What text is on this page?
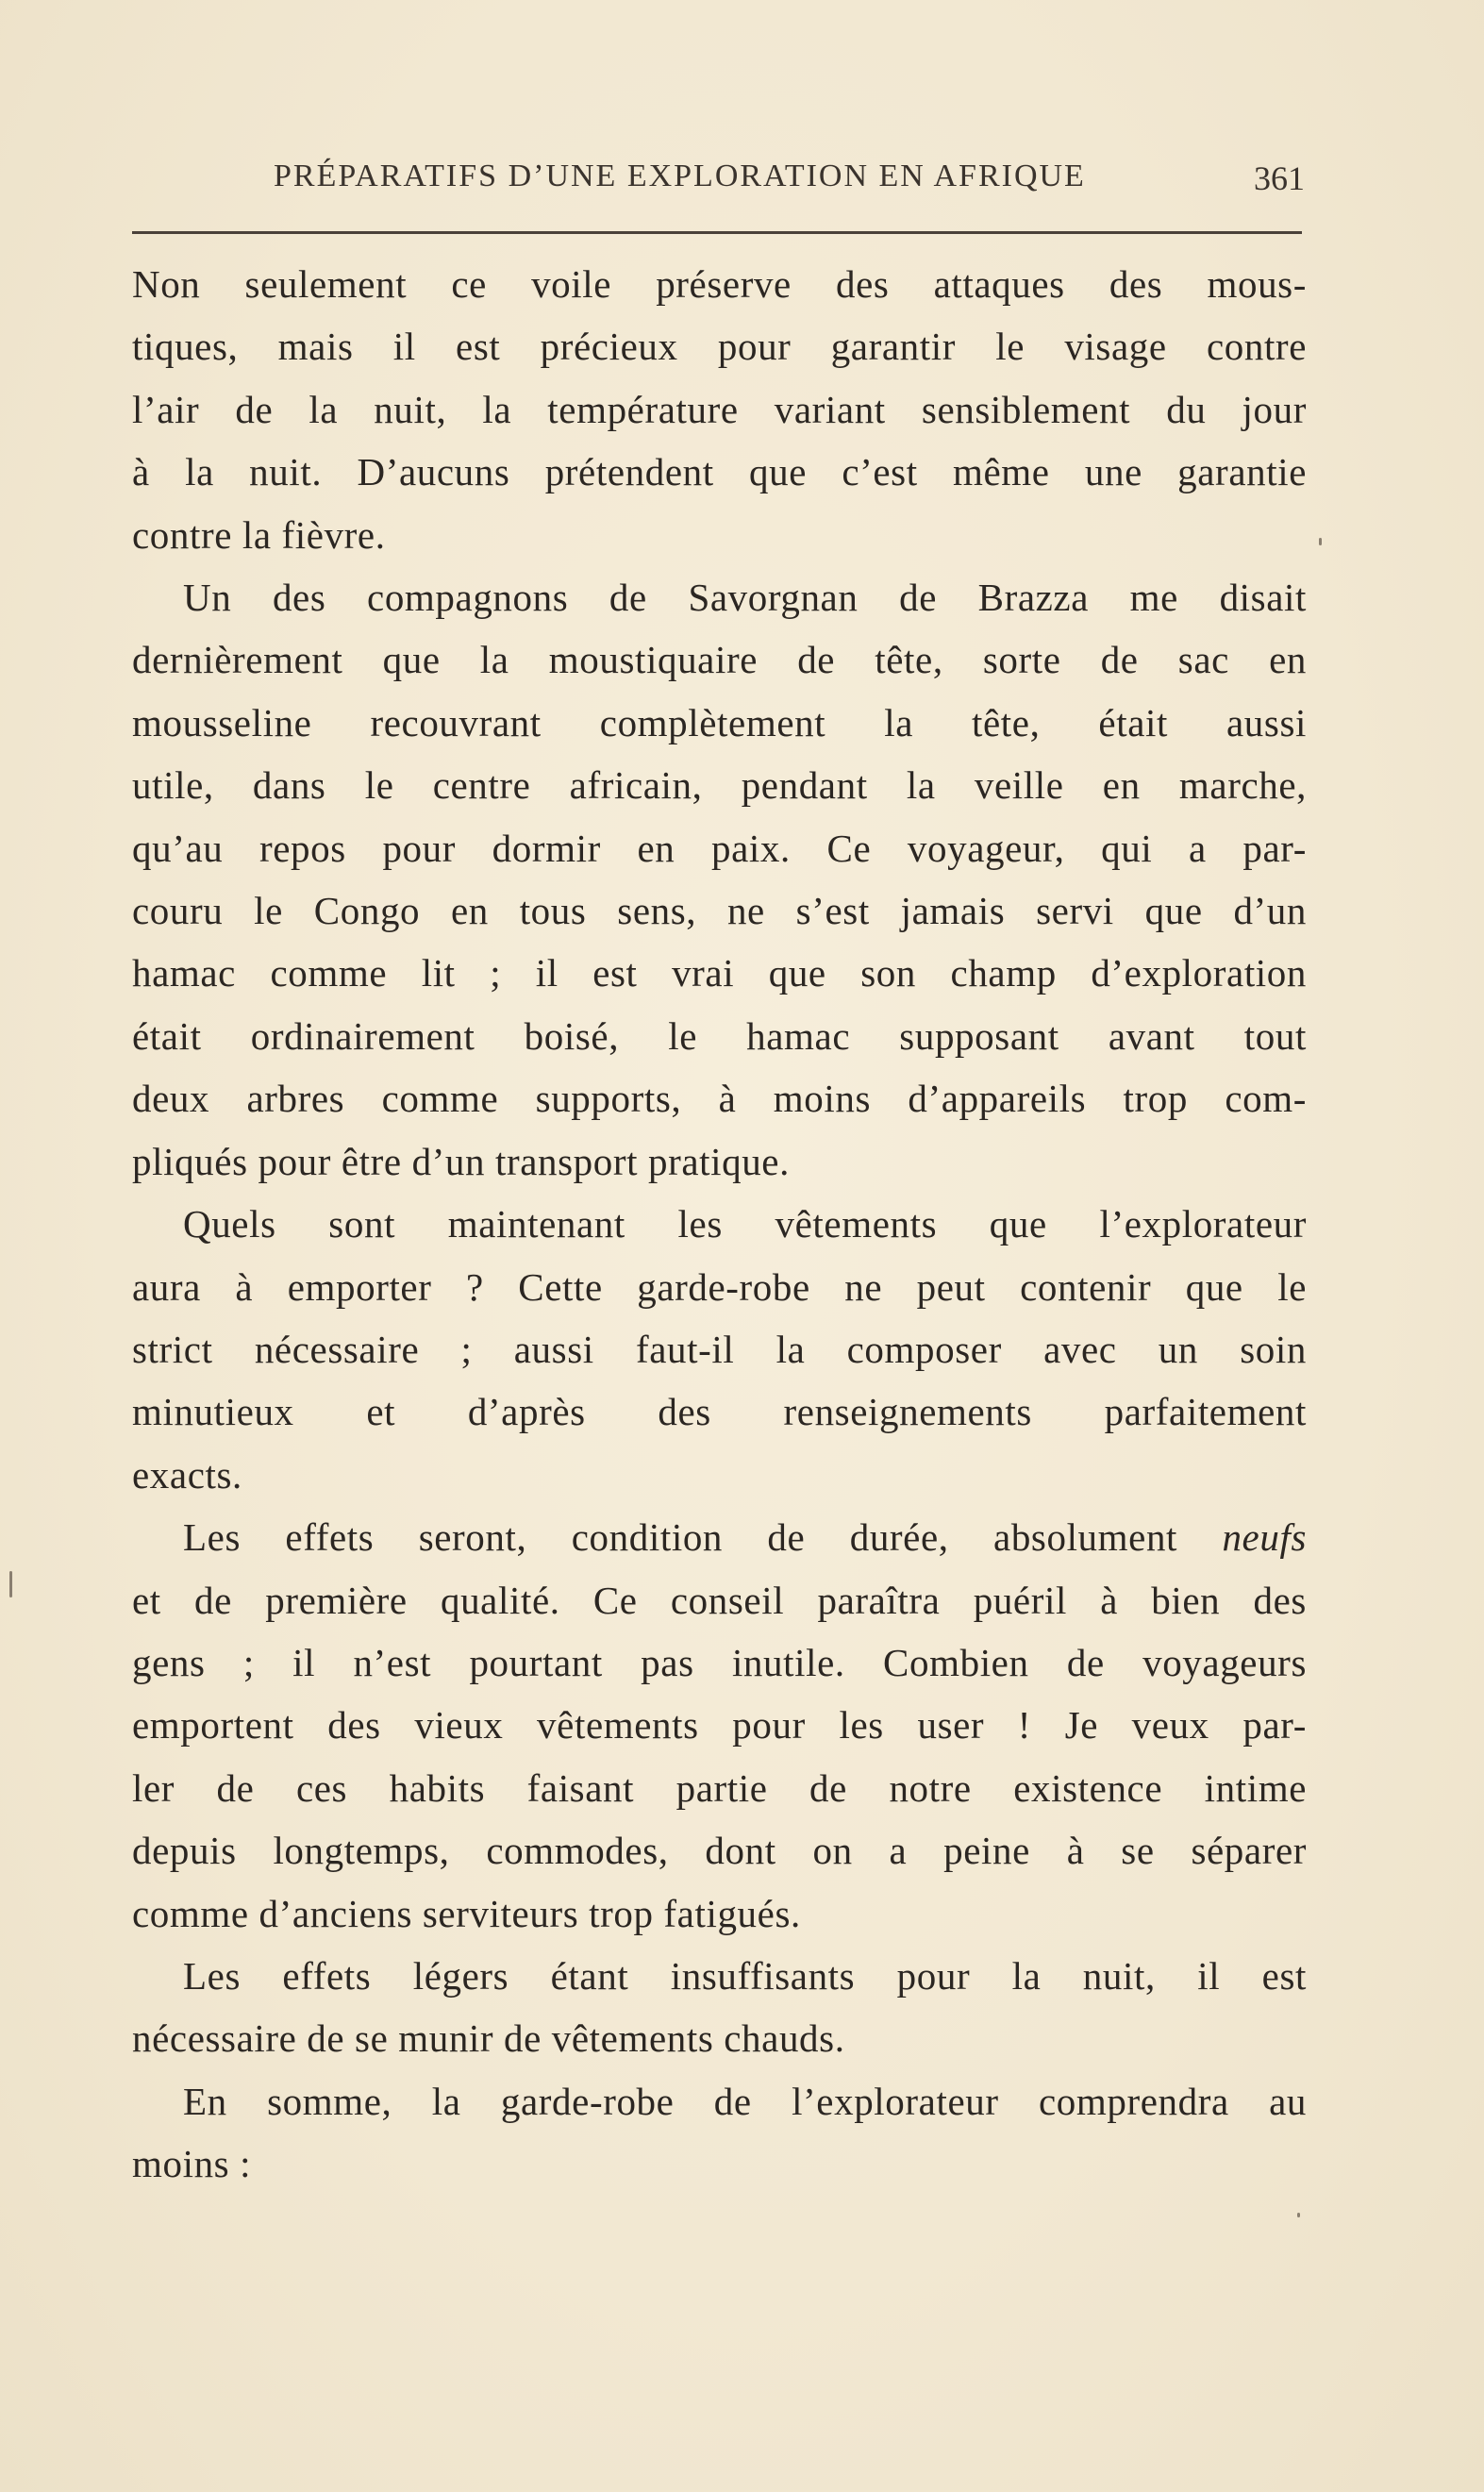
PRÉPARATIFS D’UNE EXPLORATION EN AFRIQUE	361
Non seulement ce voile préserve des attaques des mous-
tiques, mais il est précieux pour garantir le visage contre
l’air de la nuit, la température variant sensiblement du jour
à la nuit. D’aucuns prétendent que c’est même une garantie
contre la fièvre.
Un des compagnons de Savorgnan de Brazza me disait
dernièrement que la moustiquaire de tête, sorte de sac en
mousseline recouvrant complètement la tête, était aussi
utile, dans le centre africain, pendant la veille en marche,
qu’au repos pour dormir en paix. Ce voyageur, qui a par-
couru le Congo en tous sens, ne s’est jamais servi que d’un
hamac comme lit ; il est vrai que son champ d’exploration
était ordinairement boisé, le hamac supposant avant tout
deux arbres comme supports, à moins d’appareils trop com-
pliqués pour être d’un transport pratique.
Quels sont maintenant les vêtements que l’explorateur
aura à emporter ? Cette garde-robe ne peut contenir que le
strict nécessaire ; aussi faut-il la composer avec un soin
minutieux et d’après des renseignements parfaitement
exacts.
Les effets seront, condition de durée, absolument neufs
et de première qualité. Ce conseil paraîtra puéril à bien des
gens ; il n’est pourtant pas inutile. Combien de voyageurs
emportent des vieux vêtements pour les user ! Je veux par-
ler de ces habits faisant partie de notre existence intime
depuis longtemps, commodes, dont on a peine à se séparer
comme d’anciens serviteurs trop fatigués.
Les effets légers étant insuffisants pour la nuit, il est
nécessaire de se munir de vêtements chauds.
En somme, la garde-robe de l’explorateur comprendra au
moins :
